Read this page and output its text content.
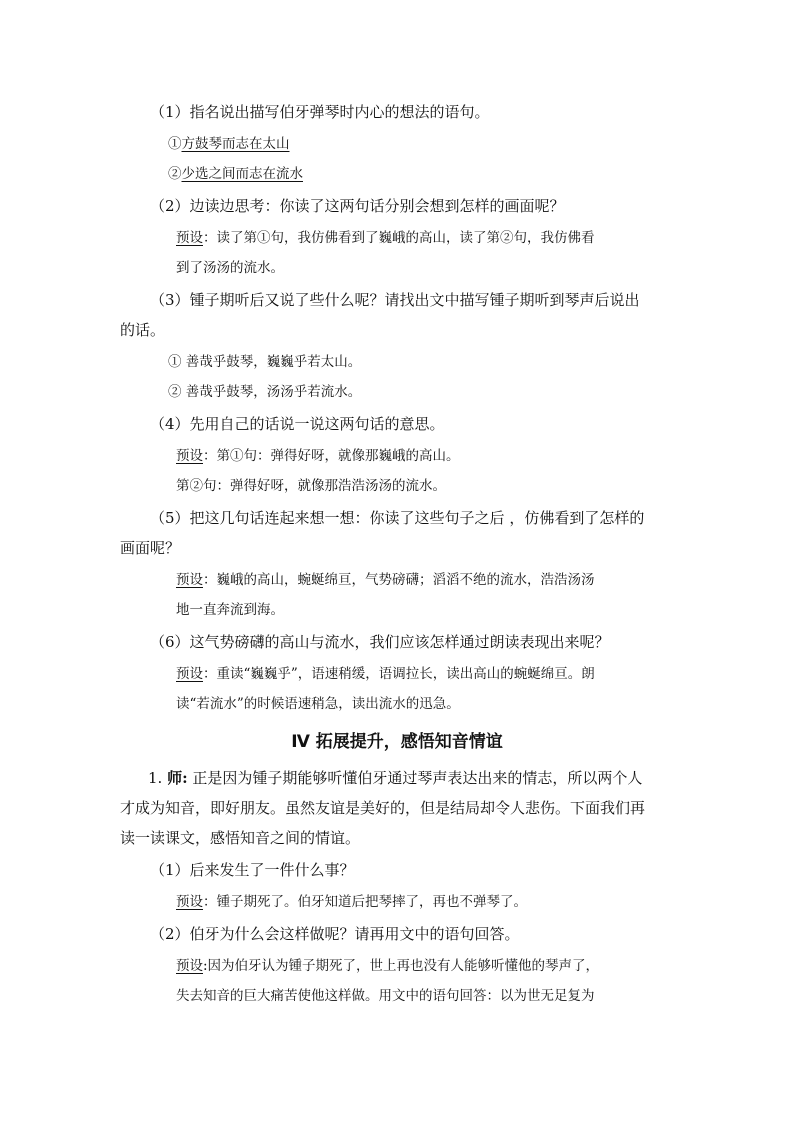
（1）指名说出描写伯牙弹琴时内心的想法的语句。
①方鼓琴而志在太山
②少选之间而志在流水
（2）边读边思考：你读了这两句话分别会想到怎样的画面呢？
预设：读了第①句，我仿佛看到了巍峨的高山，读了第②句，我仿佛看
到了汤汤的流水。
（3）锺子期听后又说了些什么呢？请找出文中描写锺子期听到琴声后说出
的话。
① 善哉乎鼓琴，巍巍乎若太山。
② 善哉乎鼓琴，汤汤乎若流水。
（4）先用自己的话说一说这两句话的意思。
预设：第①句：弹得好呀，就像那巍峨的高山。
第②句：弹得好呀，就像那浩浩汤汤的流水。
（5）把这几句话连起来想一想：你读了这些句子之后 ，仿佛看到了怎样的
画面呢？
预设：巍峨的高山，蜿蜒绵亘，气势磅礴；滔滔不绝的流水，浩浩汤汤
地一直奔流到海。
（6）这气势磅礴的高山与流水，我们应该怎样通过朗读表现出来呢？
预设：重读“巍巍乎”，语速稍缓，语调拉长，读出高山的蜿蜒绵亘。朗
读“若流水”的时候语速稍急，读出流水的迅急。
Ⅳ 拓展提升，感悟知音情谊
1. 师: 正是因为锺子期能够听懂伯牙通过琴声表达出来的情志，所以两个人
才成为知音，即好朋友。虽然友谊是美好的，但是结局却令人悲伤。下面我们再
读一读课文，感悟知音之间的情谊。
（1）后来发生了一件什么事？
预设：锺子期死了。伯牙知道后把琴摔了，再也不弹琴了。
（2）伯牙为什么会这样做呢？请再用文中的语句回答。
预设:因为伯牙认为锺子期死了，世上再也没有人能够听懂他的琴声了，
失去知音的巨大痛苦使他这样做。用文中的语句回答：以为世无足复为
